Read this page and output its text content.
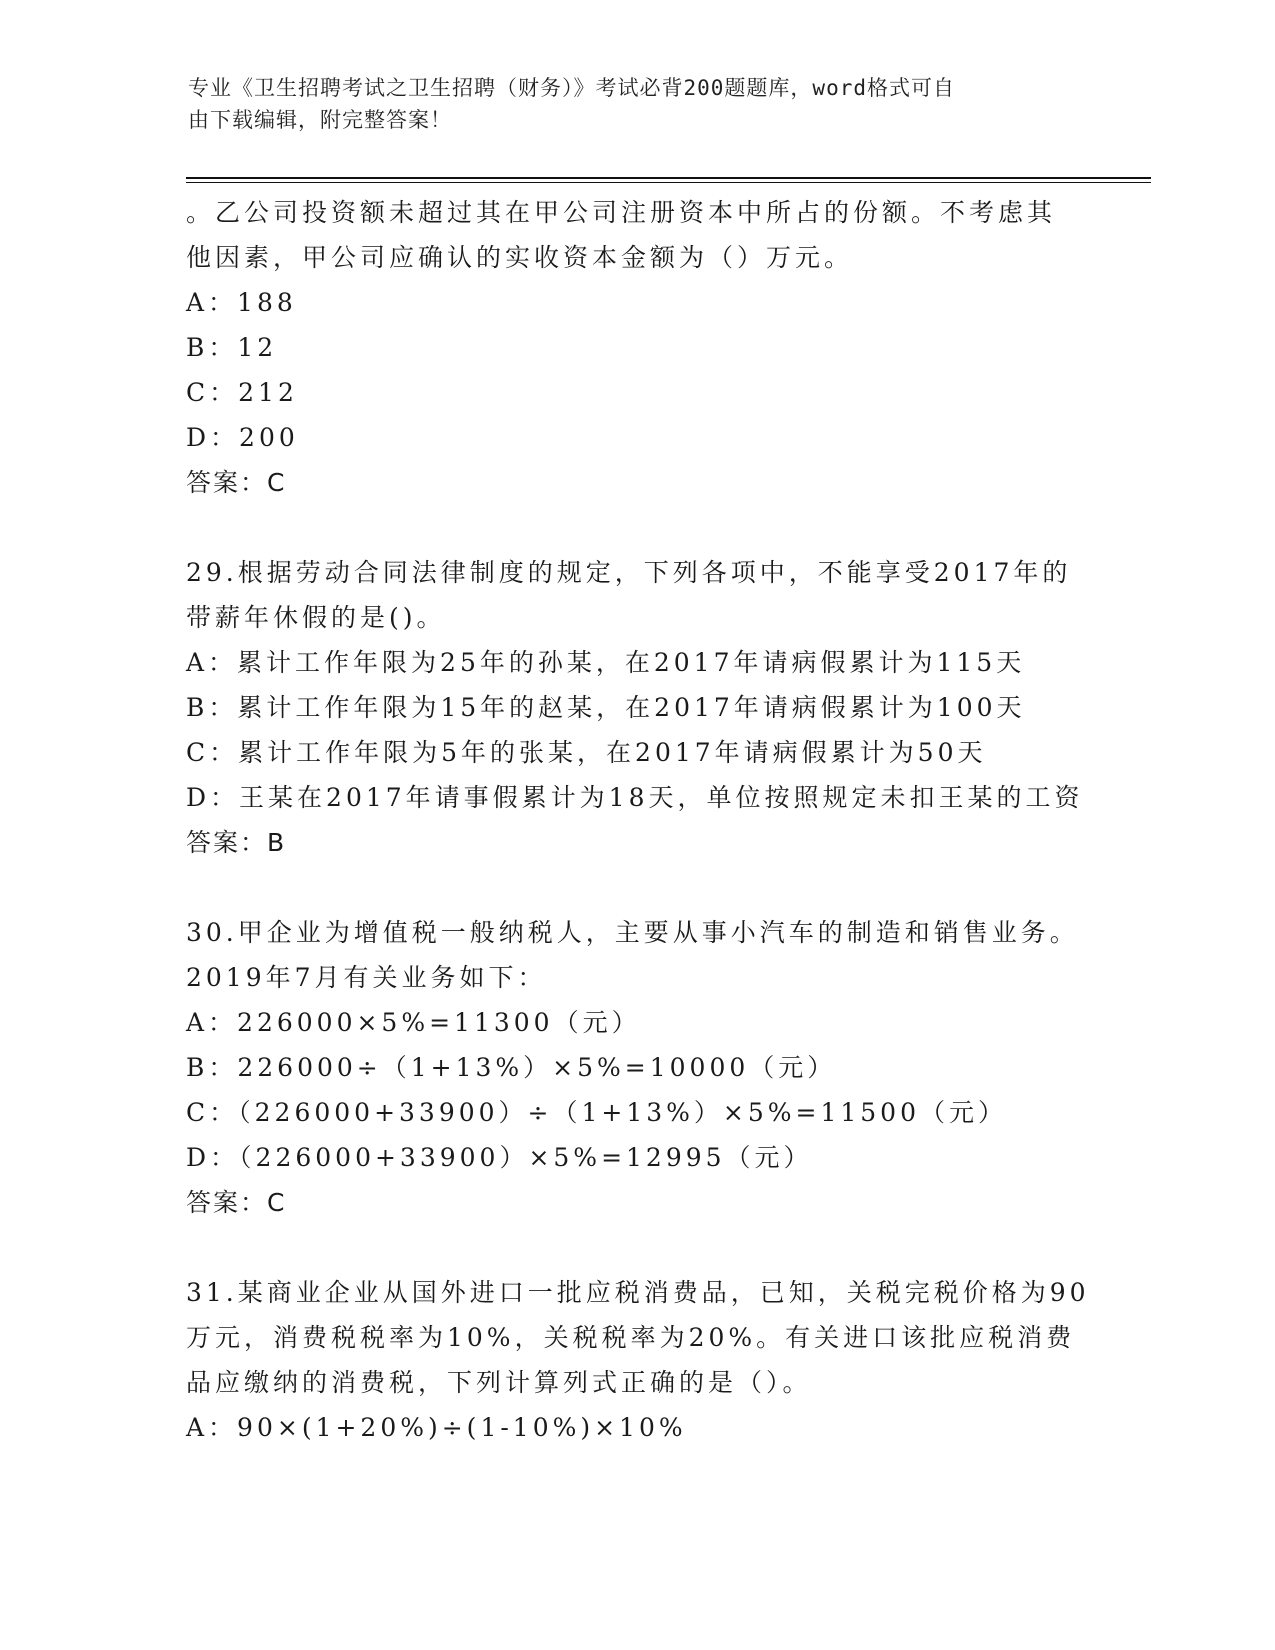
专业《卫生招聘考试之卫生招聘（财务）》考试必背200题题库，word格式可自
由下载编辑，附完整答案！
。乙公司投资额未超过其在甲公司注册资本中所占的份额。不考虑其
他因素，甲公司应确认的实收资本金额为（）万元。
A：188
B：12
C：212
D：200
答案：C
29.根据劳动合同法律制度的规定，下列各项中，不能享受2017年的
带薪年休假的是()。
A：累计工作年限为25年的孙某，在2017年请病假累计为115天
B：累计工作年限为15年的赵某，在2017年请病假累计为100天
C：累计工作年限为5年的张某，在2017年请病假累计为50天
D：王某在2017年请事假累计为18天，单位按照规定未扣王某的工资
答案：B
30.甲企业为增值税一般纳税人，主要从事小汽车的制造和销售业务。
2019年7月有关业务如下：
A：226000×5%=11300（元）
B：226000÷（1+13%）×5%=10000（元）
C：（226000+33900）÷（1+13%）×5%=11500（元）
D：（226000+33900）×5%=12995（元）
答案：C
31.某商业企业从国外进口一批应税消费品，已知，关税完税价格为90
万元，消费税税率为10%，关税税率为20%。有关进口该批应税消费
品应缴纳的消费税，下列计算列式正确的是（）。
A：90×(1+20%)÷(1-10%)×10%
